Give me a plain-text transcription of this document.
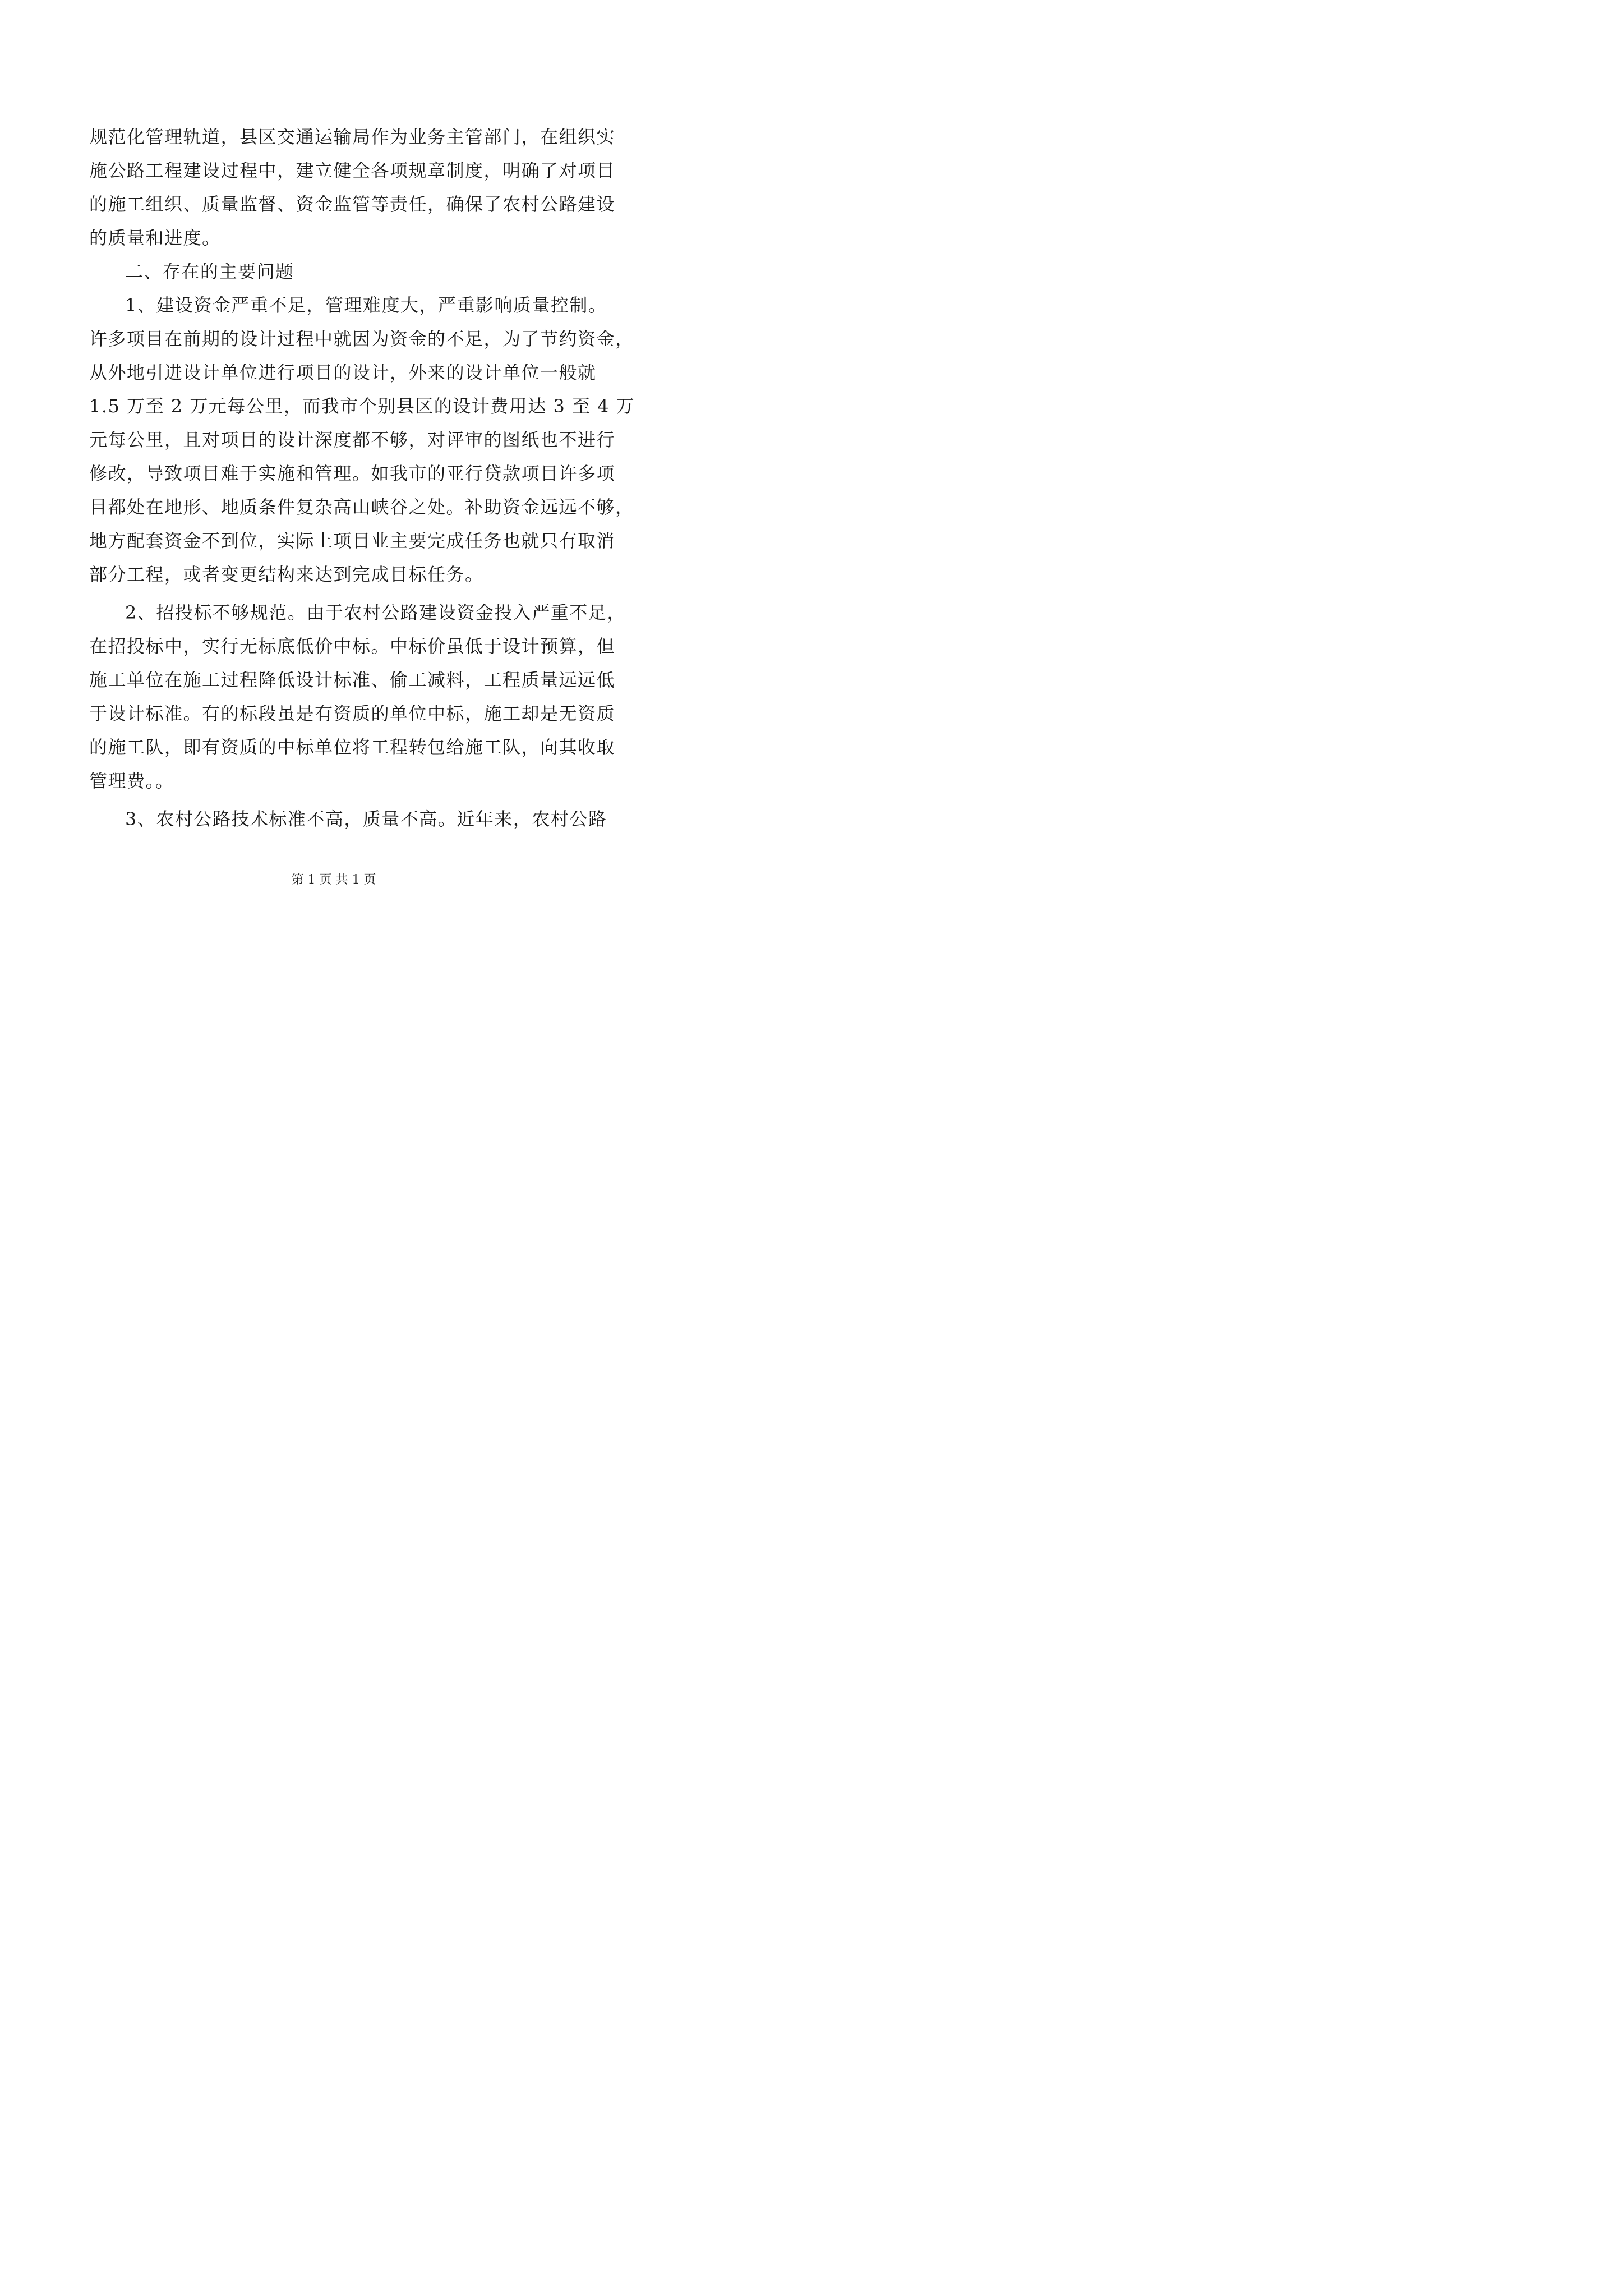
规范化管理轨道，县区交通运输局作为业务主管部门，在组织实
施公路工程建设过程中，建立健全各项规章制度，明确了对项目
的施工组织、质量监督、资金监管等责任，确保了农村公路建设
的质量和进度。
二、存在的主要问题
1、建设资金严重不足，管理难度大，严重影响质量控制。
许多项目在前期的设计过程中就因为资金的不足，为了节约资金，
从外地引进设计单位进行项目的设计，外来的设计单位一般就
1.5 万至 2 万元每公里，而我市个别县区的设计费用达 3 至 4 万
元每公里，且对项目的设计深度都不够，对评审的图纸也不进行
修改，导致项目难于实施和管理。如我市的亚行贷款项目许多项
目都处在地形、地质条件复杂高山峡谷之处。补助资金远远不够，
地方配套资金不到位，实际上项目业主要完成任务也就只有取消
部分工程，或者变更结构来达到完成目标任务。
2、招投标不够规范。由于农村公路建设资金投入严重不足，
在招投标中，实行无标底低价中标。中标价虽低于设计预算，但
施工单位在施工过程降低设计标准、偷工减料，工程质量远远低
于设计标准。有的标段虽是有资质的单位中标，施工却是无资质
的施工队，即有资质的中标单位将工程转包给施工队，向其收取
管理费。。
3、农村公路技术标准不高，质量不高。近年来，农村公路
第 1 页 共 1 页
